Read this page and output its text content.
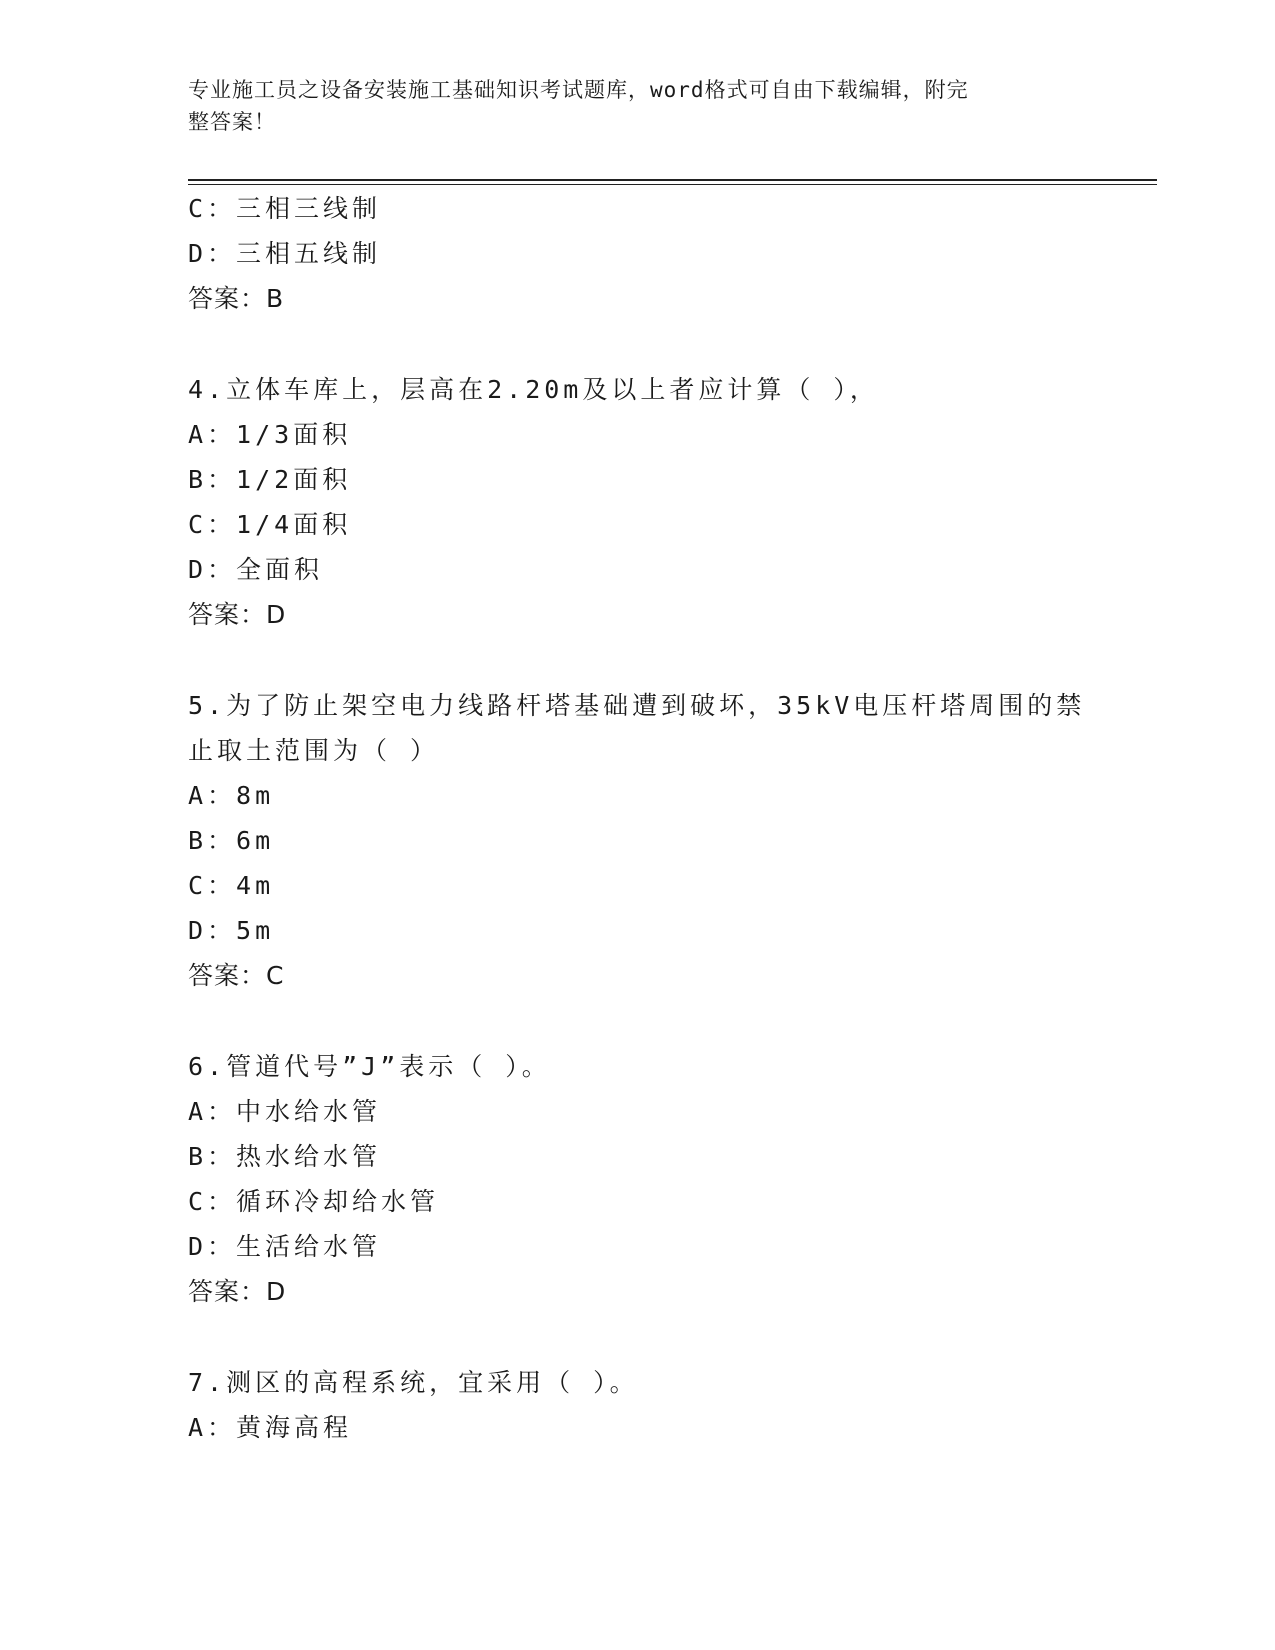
专业施工员之设备安装施工基础知识考试题库，word格式可自由下载编辑，附完
整答案！
C：三相三线制
D：三相五线制
答案：B
4.立体车库上，层高在2.20m及以上者应计算（ ），
A：1/3面积
B：1/2面积
C：1/4面积
D：全面积
答案：D
5.为了防止架空电力线路杆塔基础遭到破坏，35kV电压杆塔周围的禁
止取土范围为（ ）
A：8m
B：6m
C：4m
D：5m
答案：C
6.管道代号”J”表示（ ）。
A：中水给水管
B：热水给水管
C：循环冷却给水管
D：生活给水管
答案：D
7.测区的高程系统，宜采用（ ）。
A：黄海高程
